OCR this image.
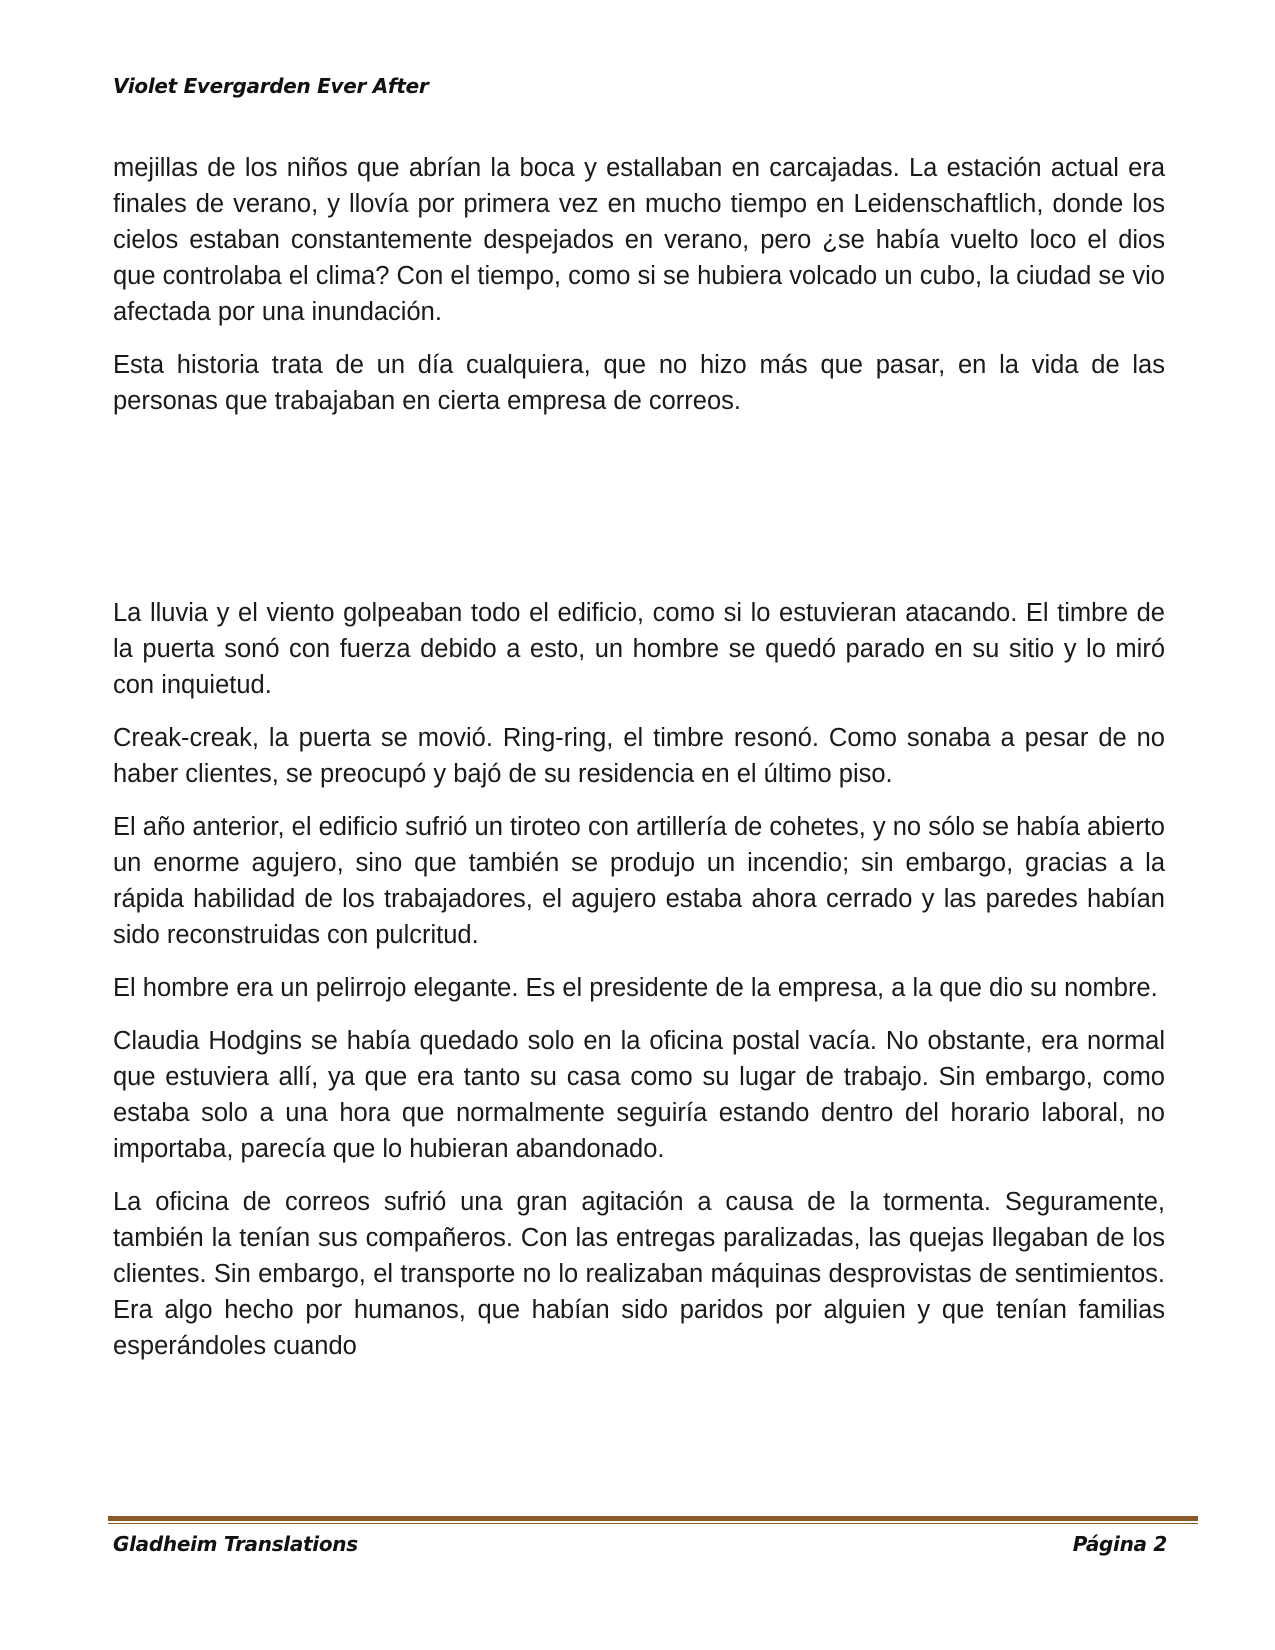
Violet Evergarden Ever After

mejillas de los niños que abrían la boca y estallaban en carcajadas. La estación actual era finales de verano, y llovía por primera vez en mucho tiempo en Leidenschaftlich, donde los cielos estaban constantemente despejados en verano, pero ¿se había vuelto loco el dios que controlaba el clima? Con el tiempo, como si se hubiera volcado un cubo, la ciudad se vio afectada por una inundación.

Esta historia trata de un día cualquiera, que no hizo más que pasar, en la vida de las personas que trabajaban en cierta empresa de correos.

La lluvia y el viento golpeaban todo el edificio, como si lo estuvieran atacando. El timbre de la puerta sonó con fuerza debido a esto, un hombre se quedó parado en su sitio y lo miró con inquietud.

Creak-creak, la puerta se movió. Ring-ring, el timbre resonó. Como sonaba a pesar de no haber clientes, se preocupó y bajó de su residencia en el último piso.

El año anterior, el edificio sufrió un tiroteo con artillería de cohetes, y no sólo se había abierto un enorme agujero, sino que también se produjo un incendio; sin embargo, gracias a la rápida habilidad de los trabajadores, el agujero estaba ahora cerrado y las paredes habían sido reconstruidas con pulcritud.

El hombre era un pelirrojo elegante. Es el presidente de la empresa, a la que dio su nombre.

Claudia Hodgins se había quedado solo en la oficina postal vacía. No obstante, era normal que estuviera allí, ya que era tanto su casa como su lugar de trabajo. Sin embargo, como estaba solo a una hora que normalmente seguiría estando dentro del horario laboral, no importaba, parecía que lo hubieran abandonado.

La oficina de correos sufrió una gran agitación a causa de la tormenta. Seguramente, también la tenían sus compañeros. Con las entregas paralizadas, las quejas llegaban de los clientes. Sin embargo, el transporte no lo realizaban máquinas desprovistas de sentimientos. Era algo hecho por humanos, que habían sido paridos por alguien y que tenían familias esperándoles cuando

Gladheim Translations	Página 2
